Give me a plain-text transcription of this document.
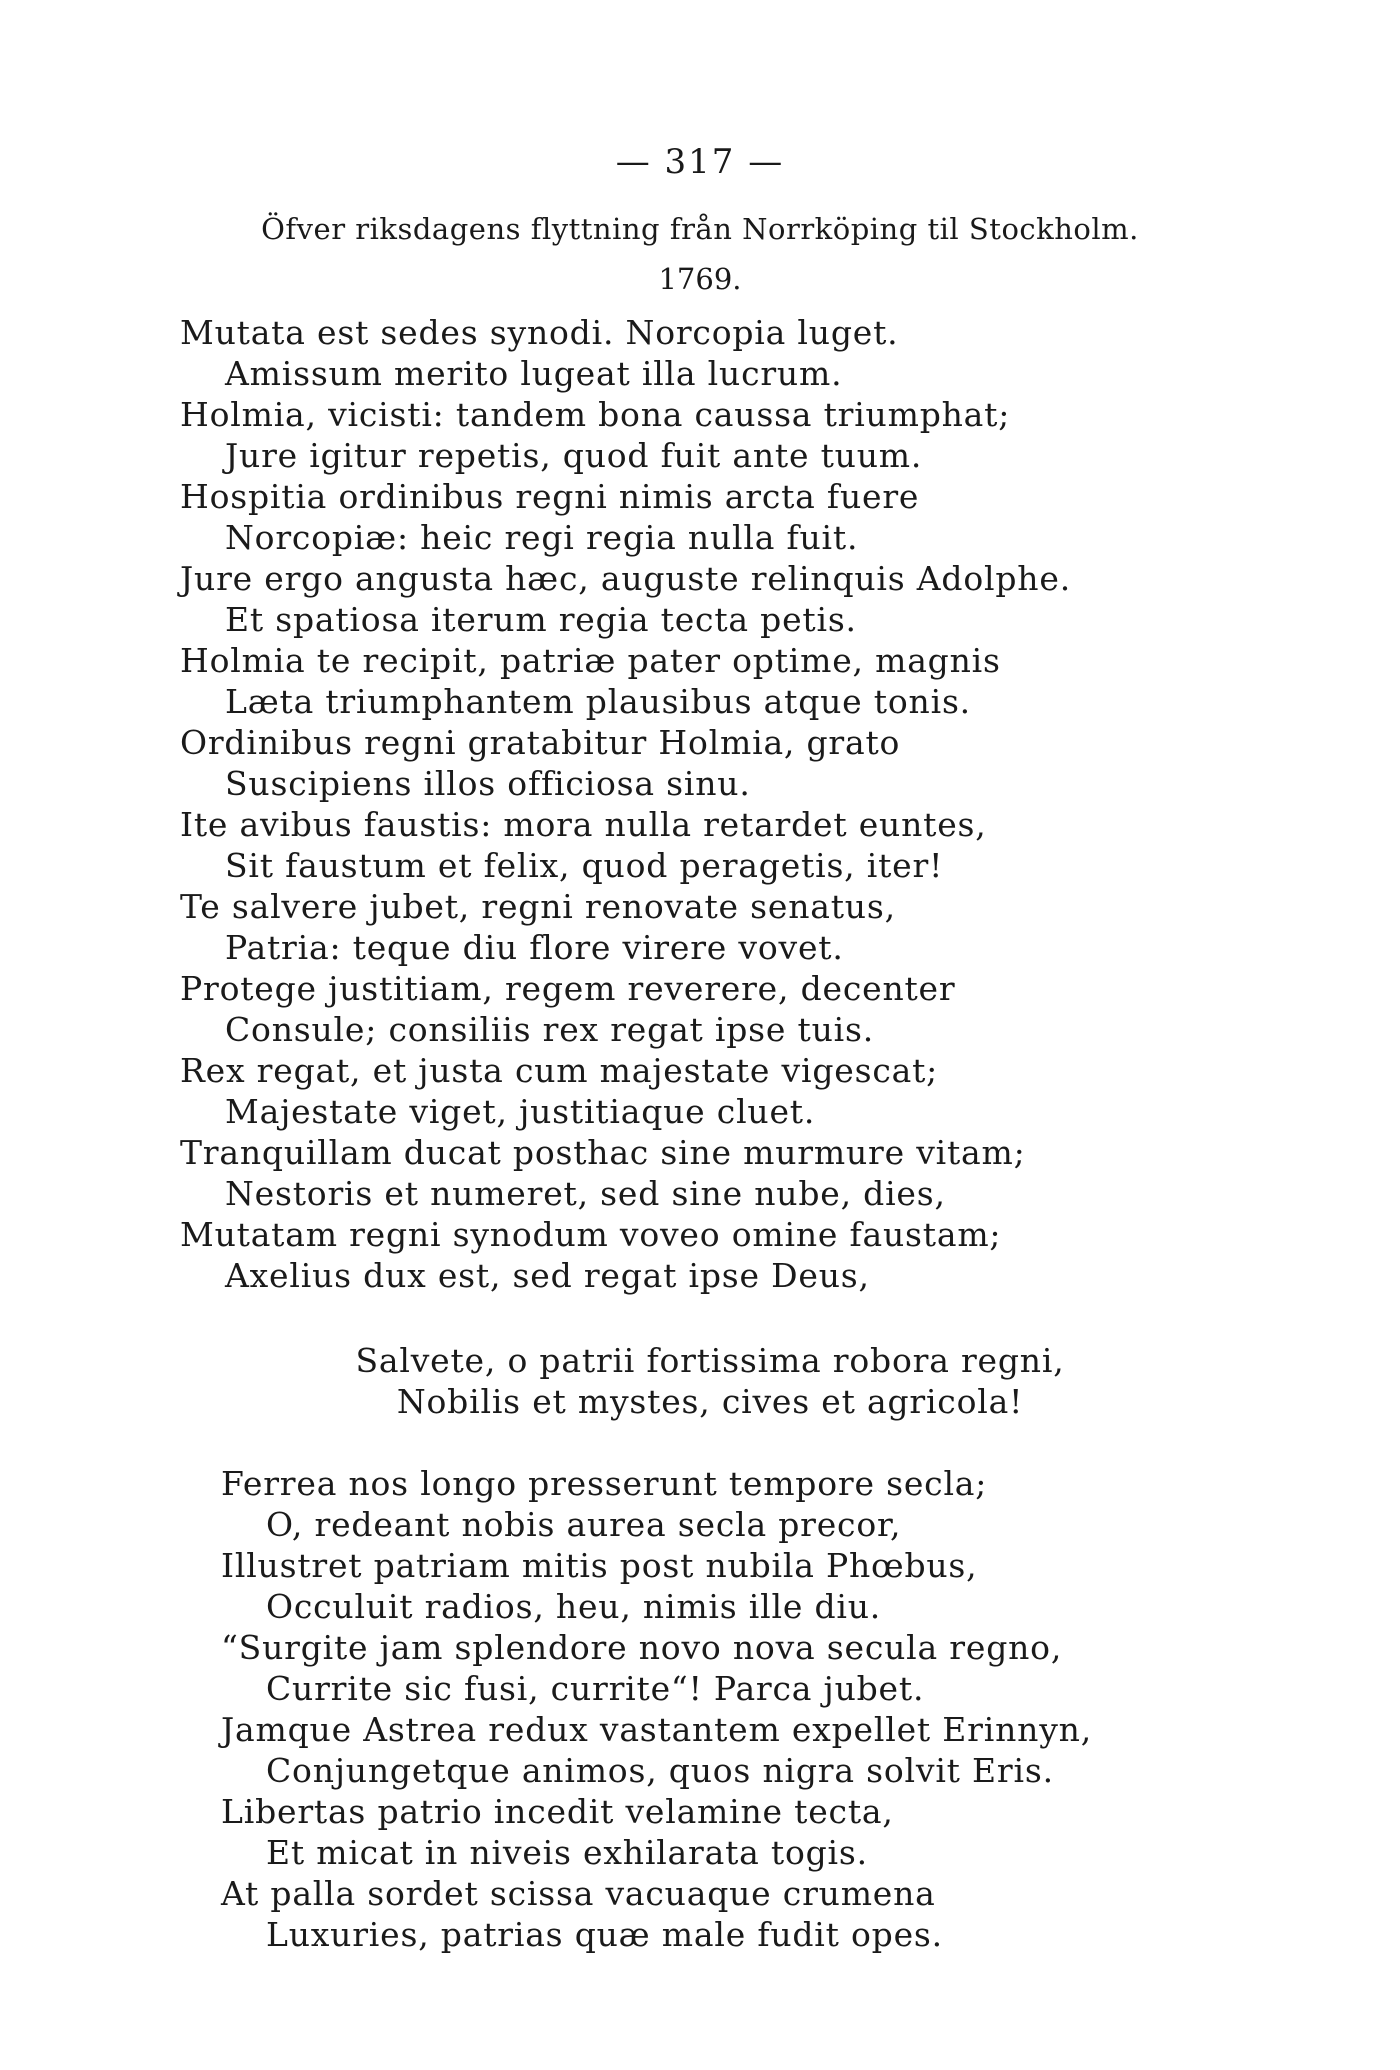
— 317 —
Öfver riksdagens flyttning från Norrköping til Stockholm.
1769.
Mutata est sedes synodi. Norcopia luget.
Amissum merito lugeat illa lucrum.
Holmia, vicisti: tandem bona caussa triumphat;
Jure igitur repetis, quod fuit ante tuum.
Hospitia ordinibus regni nimis arcta fuere
Norcopiæ: heic regi regia nulla fuit.
Jure ergo angusta hæc, auguste relinquis Adolphe.
Et spatiosa iterum regia tecta petis.
Holmia te recipit, patriæ pater optime, magnis
Læta triumphantem plausibus atque tonis.
Ordinibus regni gratabitur Holmia, grato
Suscipiens illos officiosa sinu.
Ite avibus faustis: mora nulla retardet euntes,
Sit faustum et felix, quod peragetis, iter!
Te salvere jubet, regni renovate senatus,
Patria: teque diu flore virere vovet.
Protege justitiam, regem reverere, decenter
Consule; consiliis rex regat ipse tuis.
Rex regat, et justa cum majestate vigescat;
Majestate viget, justitiaque cluet.
Tranquillam ducat posthac sine murmure vitam;
Nestoris et numeret, sed sine nube, dies,
Mutatam regni synodum voveo omine faustam;
Axelius dux est, sed regat ipse Deus,
Salvete, o patrii fortissima robora regni,
Nobilis et mystes, cives et agricola!
Ferrea nos longo presserunt tempore secla;
O, redeant nobis aurea secla precor,
Illustret patriam mitis post nubila Phœbus,
Occuluit radios, heu, nimis ille diu.
“Surgite jam splendore novo nova secula regno,
Currite sic fusi, currite“! Parca jubet.
Jamque Astrea redux vastantem expellet Erinnyn,
Conjungetque animos, quos nigra solvit Eris.
Libertas patrio incedit velamine tecta,
Et micat in niveis exhilarata togis.
At palla sordet scissa vacuaque crumena
Luxuries, patrias quæ male fudit opes.
